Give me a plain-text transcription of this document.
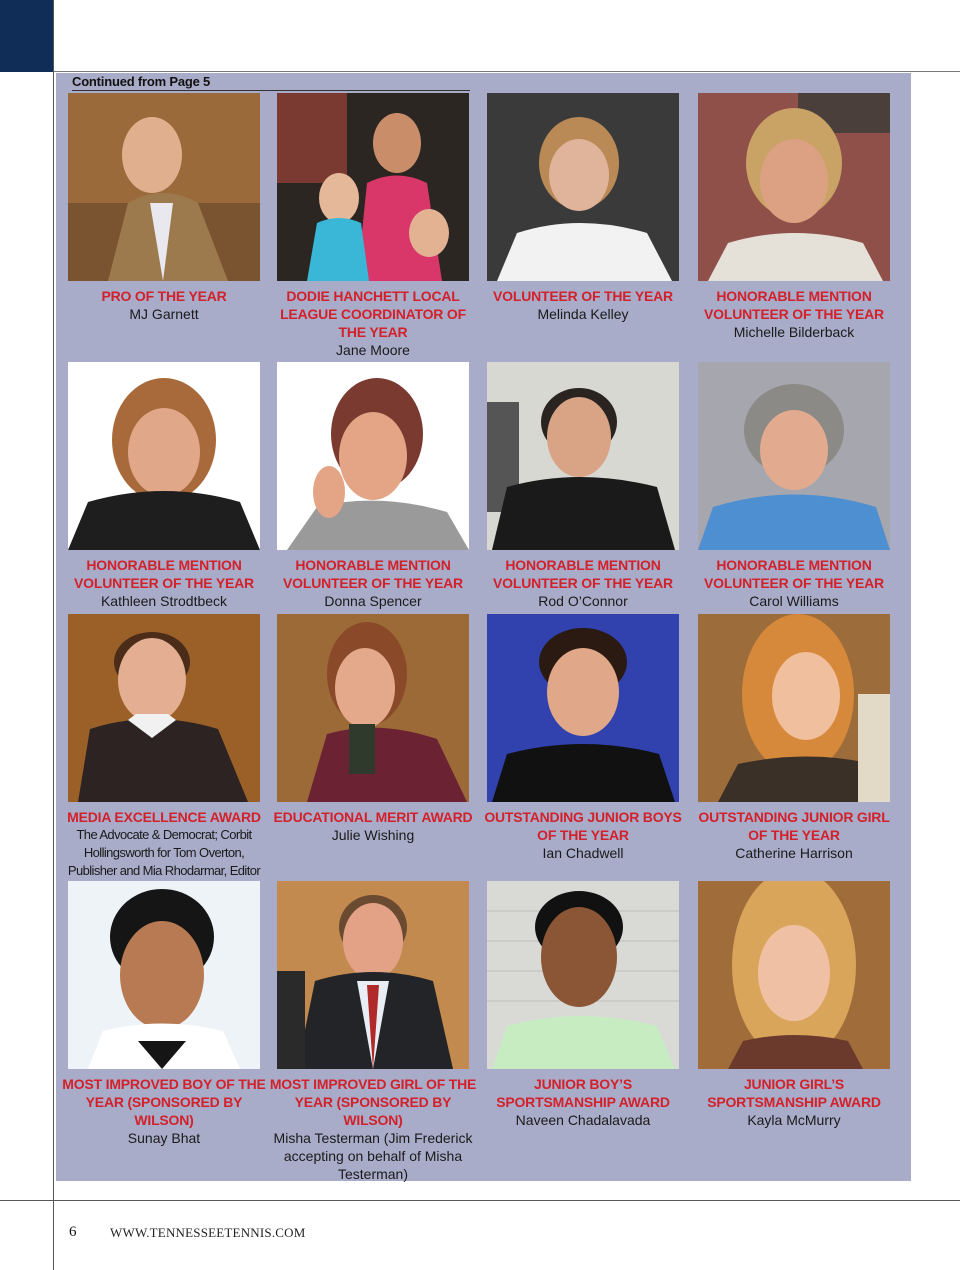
Continued from Page 5
PRO OF THE YEAR
MJ Garnett
DODIE HANCHETT LOCAL LEAGUE COORDINATOR OF THE YEAR
Jane Moore
VOLUNTEER OF THE YEAR
Melinda Kelley
HONORABLE MENTION VOLUNTEER OF THE YEAR
Michelle Bilderback
HONORABLE MENTION VOLUNTEER OF THE YEAR
Kathleen Strodtbeck
HONORABLE MENTION VOLUNTEER OF THE YEAR
Donna Spencer
HONORABLE MENTION VOLUNTEER OF THE YEAR
Rod O’Connor
HONORABLE MENTION VOLUNTEER OF THE YEAR
Carol Williams
MEDIA EXCELLENCE AWARD
The Advocate & Democrat; Corbit Hollingsworth for Tom Overton, Publisher and Mia Rhodarmar, Editor
EDUCATIONAL MERIT AWARD
Julie Wishing
OUTSTANDING JUNIOR BOYS OF THE YEAR
Ian Chadwell
OUTSTANDING JUNIOR GIRL OF THE YEAR
Catherine Harrison
MOST IMPROVED BOY OF THE YEAR (SPONSORED BY WILSON)
Sunay Bhat
MOST IMPROVED GIRL OF THE YEAR (SPONSORED BY WILSON)
Misha Testerman (Jim Frederick accepting on behalf of Misha Testerman)
JUNIOR BOY’S SPORTSMANSHIP AWARD
Naveen Chadalavada
JUNIOR GIRL’S SPORTSMANSHIP AWARD
Kayla McMurry
6	WWW.TENNESSEETENNIS.COM
